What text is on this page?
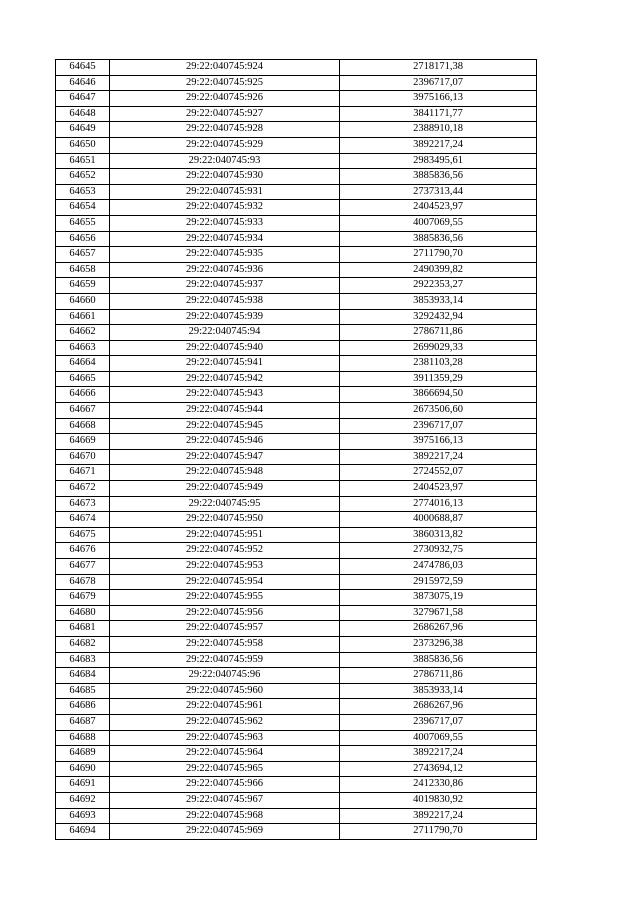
64645	29:22:040745:924	2718171,38
64646	29:22:040745:925	2396717,07
64647	29:22:040745:926	3975166,13
64648	29:22:040745:927	3841171,77
64649	29:22:040745:928	2388910,18
64650	29:22:040745:929	3892217,24
64651	29:22:040745:93	2983495,61
64652	29:22:040745:930	3885836,56
64653	29:22:040745:931	2737313,44
64654	29:22:040745:932	2404523,97
64655	29:22:040745:933	4007069,55
64656	29:22:040745:934	3885836,56
64657	29:22:040745:935	2711790,70
64658	29:22:040745:936	2490399,82
64659	29:22:040745:937	2922353,27
64660	29:22:040745:938	3853933,14
64661	29:22:040745:939	3292432,94
64662	29:22:040745:94	2786711,86
64663	29:22:040745:940	2699029,33
64664	29:22:040745:941	2381103,28
64665	29:22:040745:942	3911359,29
64666	29:22:040745:943	3866694,50
64667	29:22:040745:944	2673506,60
64668	29:22:040745:945	2396717,07
64669	29:22:040745:946	3975166,13
64670	29:22:040745:947	3892217,24
64671	29:22:040745:948	2724552,07
64672	29:22:040745:949	2404523,97
64673	29:22:040745:95	2774016,13
64674	29:22:040745:950	4000688,87
64675	29:22:040745:951	3860313,82
64676	29:22:040745:952	2730932,75
64677	29:22:040745:953	2474786,03
64678	29:22:040745:954	2915972,59
64679	29:22:040745:955	3873075,19
64680	29:22:040745:956	3279671,58
64681	29:22:040745:957	2686267,96
64682	29:22:040745:958	2373296,38
64683	29:22:040745:959	3885836,56
64684	29:22:040745:96	2786711,86
64685	29:22:040745:960	3853933,14
64686	29:22:040745:961	2686267,96
64687	29:22:040745:962	2396717,07
64688	29:22:040745:963	4007069,55
64689	29:22:040745:964	3892217,24
64690	29:22:040745:965	2743694,12
64691	29:22:040745:966	2412330,86
64692	29:22:040745:967	4019830,92
64693	29:22:040745:968	3892217,24
64694	29:22:040745:969	2711790,70
